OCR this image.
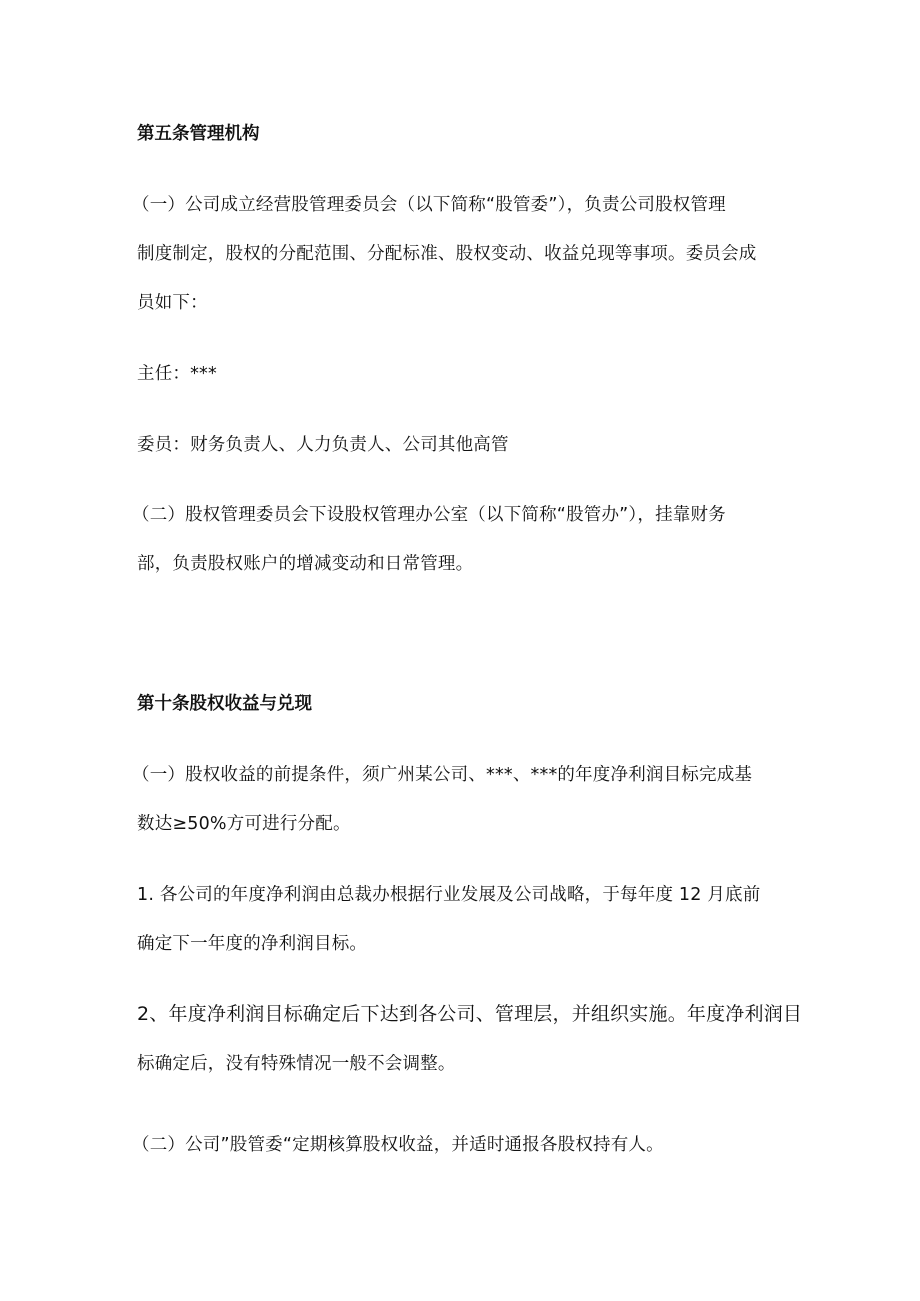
第五条管理机构
（一）公司成立经营股管理委员会（以下简称“股管委”），负责公司股权管理
制度制定，股权的分配范围、分配标准、股权变动、收益兑现等事项。委员会成
员如下：
主任：***
委员：财务负责人、人力负责人、公司其他高管
（二）股权管理委员会下设股权管理办公室（以下简称“股管办”），挂靠财务
部，负责股权账户的增减变动和日常管理。
第十条股权收益与兑现
（一）股权收益的前提条件，须广州某公司、***、***的年度净利润目标完成基
数达≥50%方可进行分配。
1. 各公司的年度净利润由总裁办根据行业发展及公司战略，于每年度 12 月底前
确定下一年度的净利润目标。
2、年度净利润目标确定后下达到各公司、管理层，并组织实施。年度净利润目
标确定后，没有特殊情况一般不会调整。
（二）公司”股管委“定期核算股权收益，并适时通报各股权持有人。
